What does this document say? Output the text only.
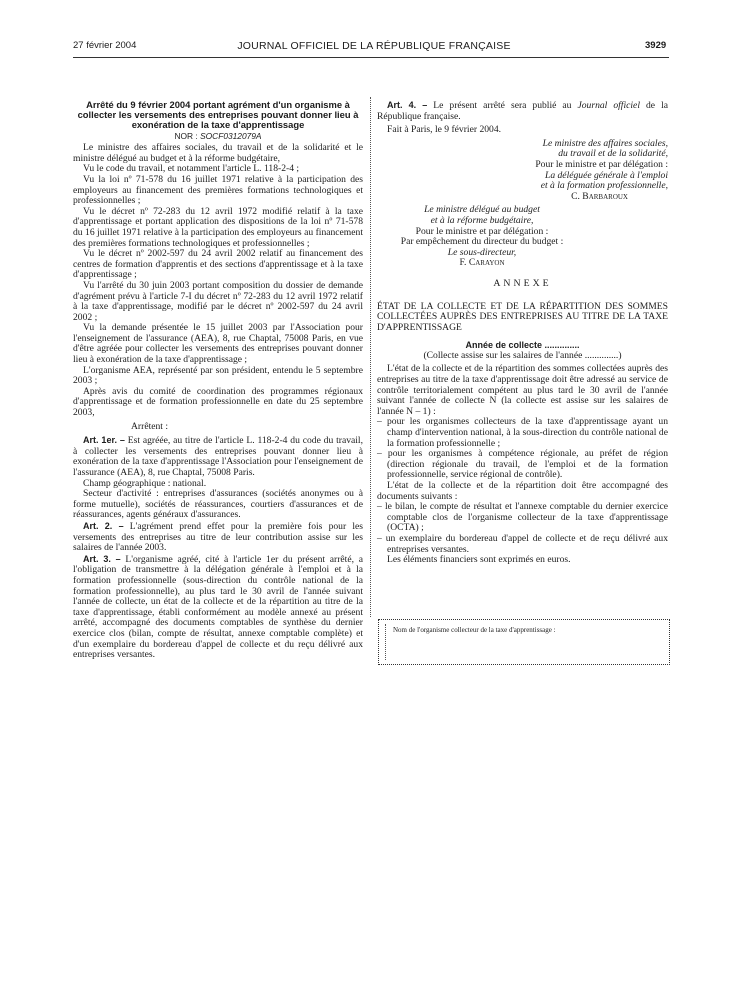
27 février 2004	JOURNAL OFFICIEL DE LA RÉPUBLIQUE FRANÇAISE	3929

Arrêté du 9 février 2004 portant agrément d'un organisme à collecter les versements des entreprises pouvant donner lieu à exonération de la taxe d'apprentissage

NOR : SOCF0312079A

Le ministre des affaires sociales, du travail et de la solidarité et le ministre délégué au budget et à la réforme budgétaire,

Vu le code du travail, et notamment l'article L. 118-2-4 ;

Vu la loi nº 71-578 du 16 juillet 1971 relative à la participation des employeurs au financement des premières formations technologiques et professionnelles ;

Vu le décret nº 72-283 du 12 avril 1972 modifié relatif à la taxe d'apprentissage et portant application des dispositions de la loi nº 71-578 du 16 juillet 1971 relative à la participation des employeurs au financement des premières formations technologiques et professionnelles ;

Vu le décret nº 2002-597 du 24 avril 2002 relatif au financement des centres de formation d'apprentis et des sections d'apprentissage et à la taxe d'apprentissage ;

Vu l'arrêté du 30 juin 2003 portant composition du dossier de demande d'agrément prévu à l'article 7-I du décret nº 72-283 du 12 avril 1972 relatif à la taxe d'apprentissage, modifié par le décret nº 2002-597 du 24 avril 2002 ;

Vu la demande présentée le 15 juillet 2003 par l'Association pour l'enseignement de l'assurance (AEA), 8, rue Chaptal, 75008 Paris, en vue d'être agréée pour collecter les versements des entreprises pouvant donner lieu à exonération de la taxe d'apprentissage ;

L'organisme AEA, représenté par son président, entendu le 5 septembre 2003 ;

Après avis du comité de coordination des programmes régionaux d'apprentissage et de formation professionnelle en date du 25 septembre 2003,

Arrêtent :

Art. 1er. – Est agréée, au titre de l'article L. 118-2-4 du code du travail, à collecter les versements des entreprises pouvant donner lieu à exonération de la taxe d'apprentissage l'Association pour l'enseignement de l'assurance (AEA), 8, rue Chaptal, 75008 Paris.

Champ géographique : national.

Secteur d'activité : entreprises d'assurances (sociétés anonymes ou à forme mutuelle), sociétés de réassurances, courtiers d'assurances et de réassurances, agents généraux d'assurances.

Art. 2. – L'agrément prend effet pour la première fois pour les versements des entreprises au titre de leur contribution assise sur les salaires de l'année 2003.

Art. 3. – L'organisme agréé, cité à l'article 1er du présent arrêté, a l'obligation de transmettre à la délégation générale à l'emploi et à la formation professionnelle (sous-direction du contrôle national de la formation professionnelle), au plus tard le 30 avril de l'année suivant l'année de collecte, un état de la collecte et de la répartition au titre de la taxe d'apprentissage, établi conformément au modèle annexé au présent arrêté, accompagné des documents comptables de synthèse du dernier exercice clos (bilan, compte de résultat, annexe comptable complète) et d'un exemplaire du bordereau d'appel de collecte et du reçu délivré aux entreprises versantes.

Art. 4. – Le présent arrêté sera publié au Journal officiel de la République française.

Fait à Paris, le 9 février 2004.

Le ministre des affaires sociales,
du travail et de la solidarité,
Pour le ministre et par délégation :
La déléguée générale à l'emploi
et à la formation professionnelle,
C. Barbaroux
Le ministre délégué au budget
et à la réforme budgétaire,
Pour le ministre et par délégation :
Par empêchement du directeur du budget :
Le sous-directeur,
F. Carayon

ANNEXE

ÉTAT DE LA COLLECTE ET DE LA RÉPARTITION DES SOMMES COLLECTÉES AUPRÈS DES ENTREPRISES AU TITRE DE LA TAXE D'APPRENTISSAGE

Année de collecte ..............

(Collecte assise sur les salaires de l'année ..............)

L'état de la collecte et de la répartition des sommes collectées auprès des entreprises au titre de la taxe d'apprentissage doit être adressé au service de contrôle territorialement compétent au plus tard le 30 avril de l'année suivant l'année de collecte N (la collecte est assise sur les salaires de l'année N – 1) :

– pour les organismes collecteurs de la taxe d'apprentissage ayant un champ d'intervention national, à la sous-direction du contrôle national de la formation professionnelle ;

– pour les organismes à compétence régionale, au préfet de région (direction régionale du travail, de l'emploi et de la formation professionnelle, service régional de contrôle).

L'état de la collecte et de la répartition doit être accompagné des documents suivants :

– le bilan, le compte de résultat et l'annexe comptable du dernier exercice comptable clos de l'organisme collecteur de la taxe d'apprentissage (OCTA) ;

– un exemplaire du bordereau d'appel de collecte et de reçu délivré aux entreprises versantes.

Les éléments financiers sont exprimés en euros.

Nom de l'organisme collecteur de la taxe d'apprentissage :
